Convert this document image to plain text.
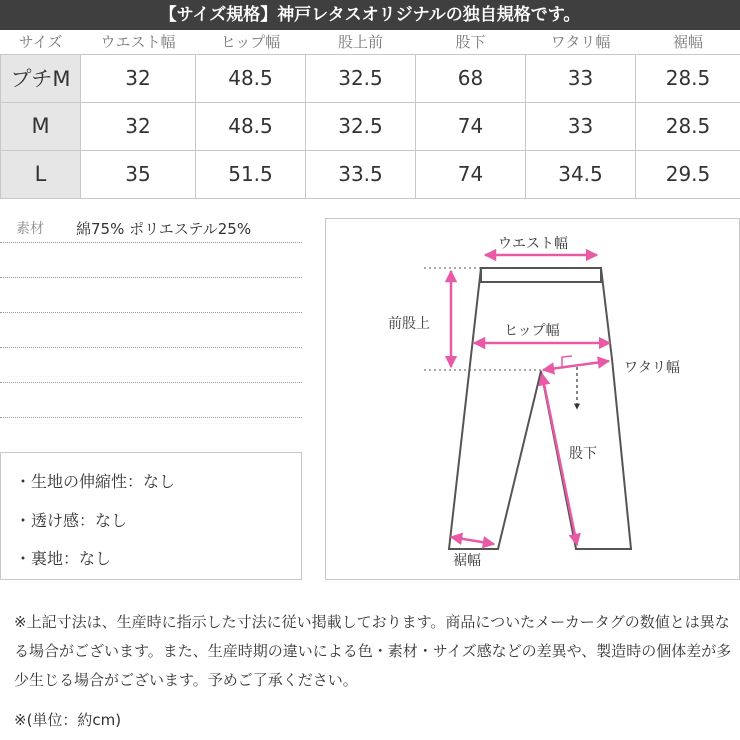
【サイズ規格】神戸レタスオリジナルの独自規格です。
サイズ	ウエスト幅	ヒップ幅	股上前	股下	ワタリ幅	裾幅
プチM	32	48.5	32.5	68	33	28.5
M	32	48.5	32.5	74	33	28.5
L	35	51.5	33.5	74	34.5	29.5
素材 綿75% ポリエステル25%
・生地の伸縮性：なし
・透け感：なし
・裏地：なし
ウエスト幅
前股上	ヒップ幅
ワタリ幅
股下
裾幅
※上記寸法は、生産時に指示した寸法に従い掲載しております。商品についたメーカータグの数値とは異なる場合がございます。また、生産時期の違いによる色・素材・サイズ感などの差異や、製造時の個体差が多少生じる場合がございます。予めご了承ください。
※(単位：約cm)
